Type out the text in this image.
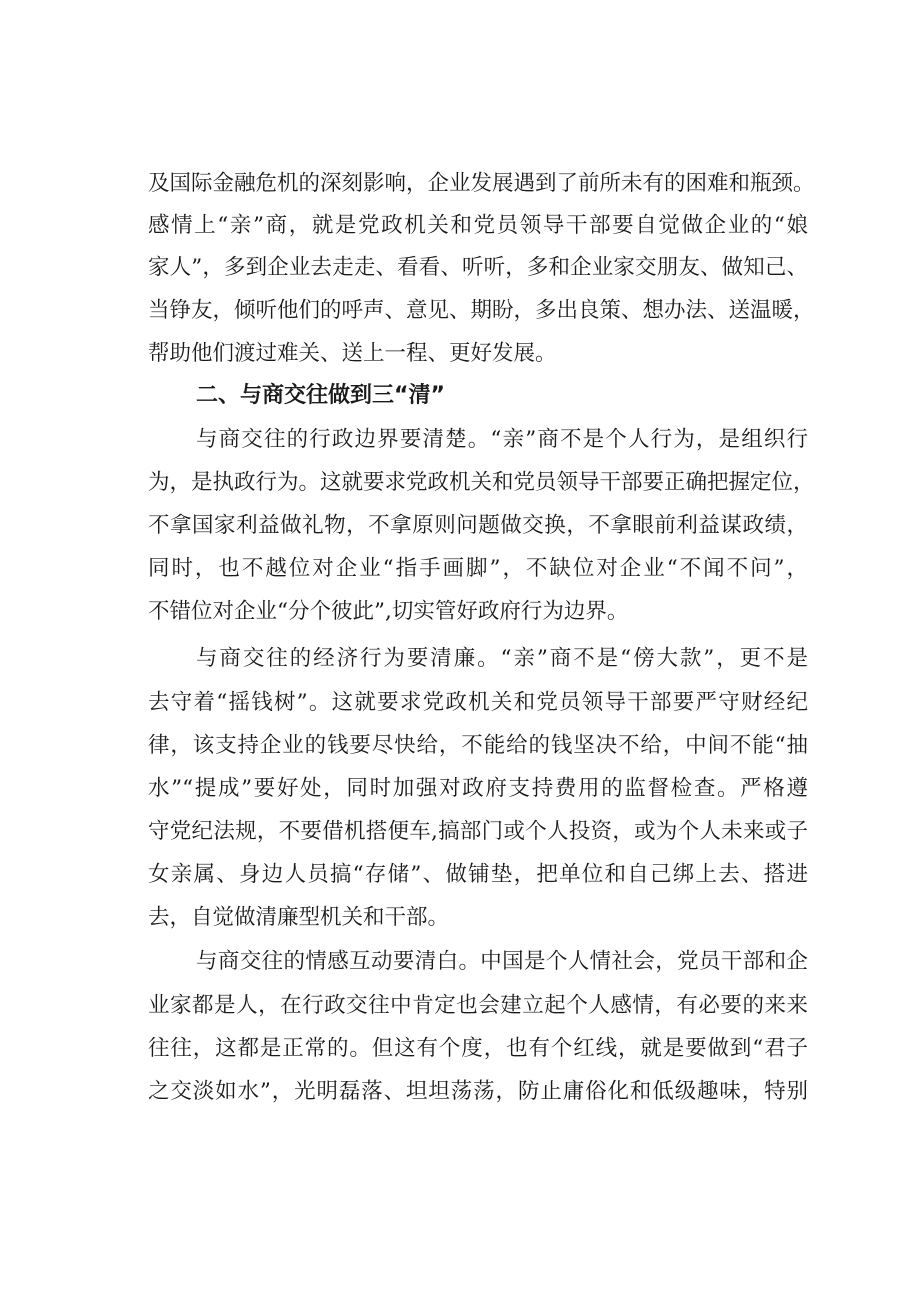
及国际金融危机的深刻影响，企业发展遇到了前所未有的困难和瓶颈。
感情上“亲”商，就是党政机关和党员领导干部要自觉做企业的“娘
家人”，多到企业去走走、看看、听听，多和企业家交朋友、做知己、
当铮友，倾听他们的呼声、意见、期盼，多出良策、想办法、送温暖，
帮助他们渡过难关、送上一程、更好发展。
二、与商交往做到三“清”
与商交往的行政边界要清楚。“亲”商不是个人行为，是组织行
为，是执政行为。这就要求党政机关和党员领导干部要正确把握定位，
不拿国家利益做礼物，不拿原则问题做交换，不拿眼前利益谋政绩，
同时，也不越位对企业“指手画脚”，不缺位对企业“不闻不问”，
不错位对企业“分个彼此”,切实管好政府行为边界。
与商交往的经济行为要清廉。“亲”商不是“傍大款”，更不是
去守着“摇钱树”。这就要求党政机关和党员领导干部要严守财经纪
律，该支持企业的钱要尽快给，不能给的钱坚决不给，中间不能“抽
水”“提成”要好处，同时加强对政府支持费用的监督检查。严格遵
守党纪法规，不要借机搭便车,搞部门或个人投资，或为个人未来或子
女亲属、身边人员搞“存储”、做铺垫，把单位和自己绑上去、搭进
去，自觉做清廉型机关和干部。
与商交往的情感互动要清白。中国是个人情社会，党员干部和企
业家都是人，在行政交往中肯定也会建立起个人感情，有必要的来来
往往，这都是正常的。但这有个度，也有个红线，就是要做到“君子
之交淡如水”，光明磊落、坦坦荡荡，防止庸俗化和低级趣味，特别
